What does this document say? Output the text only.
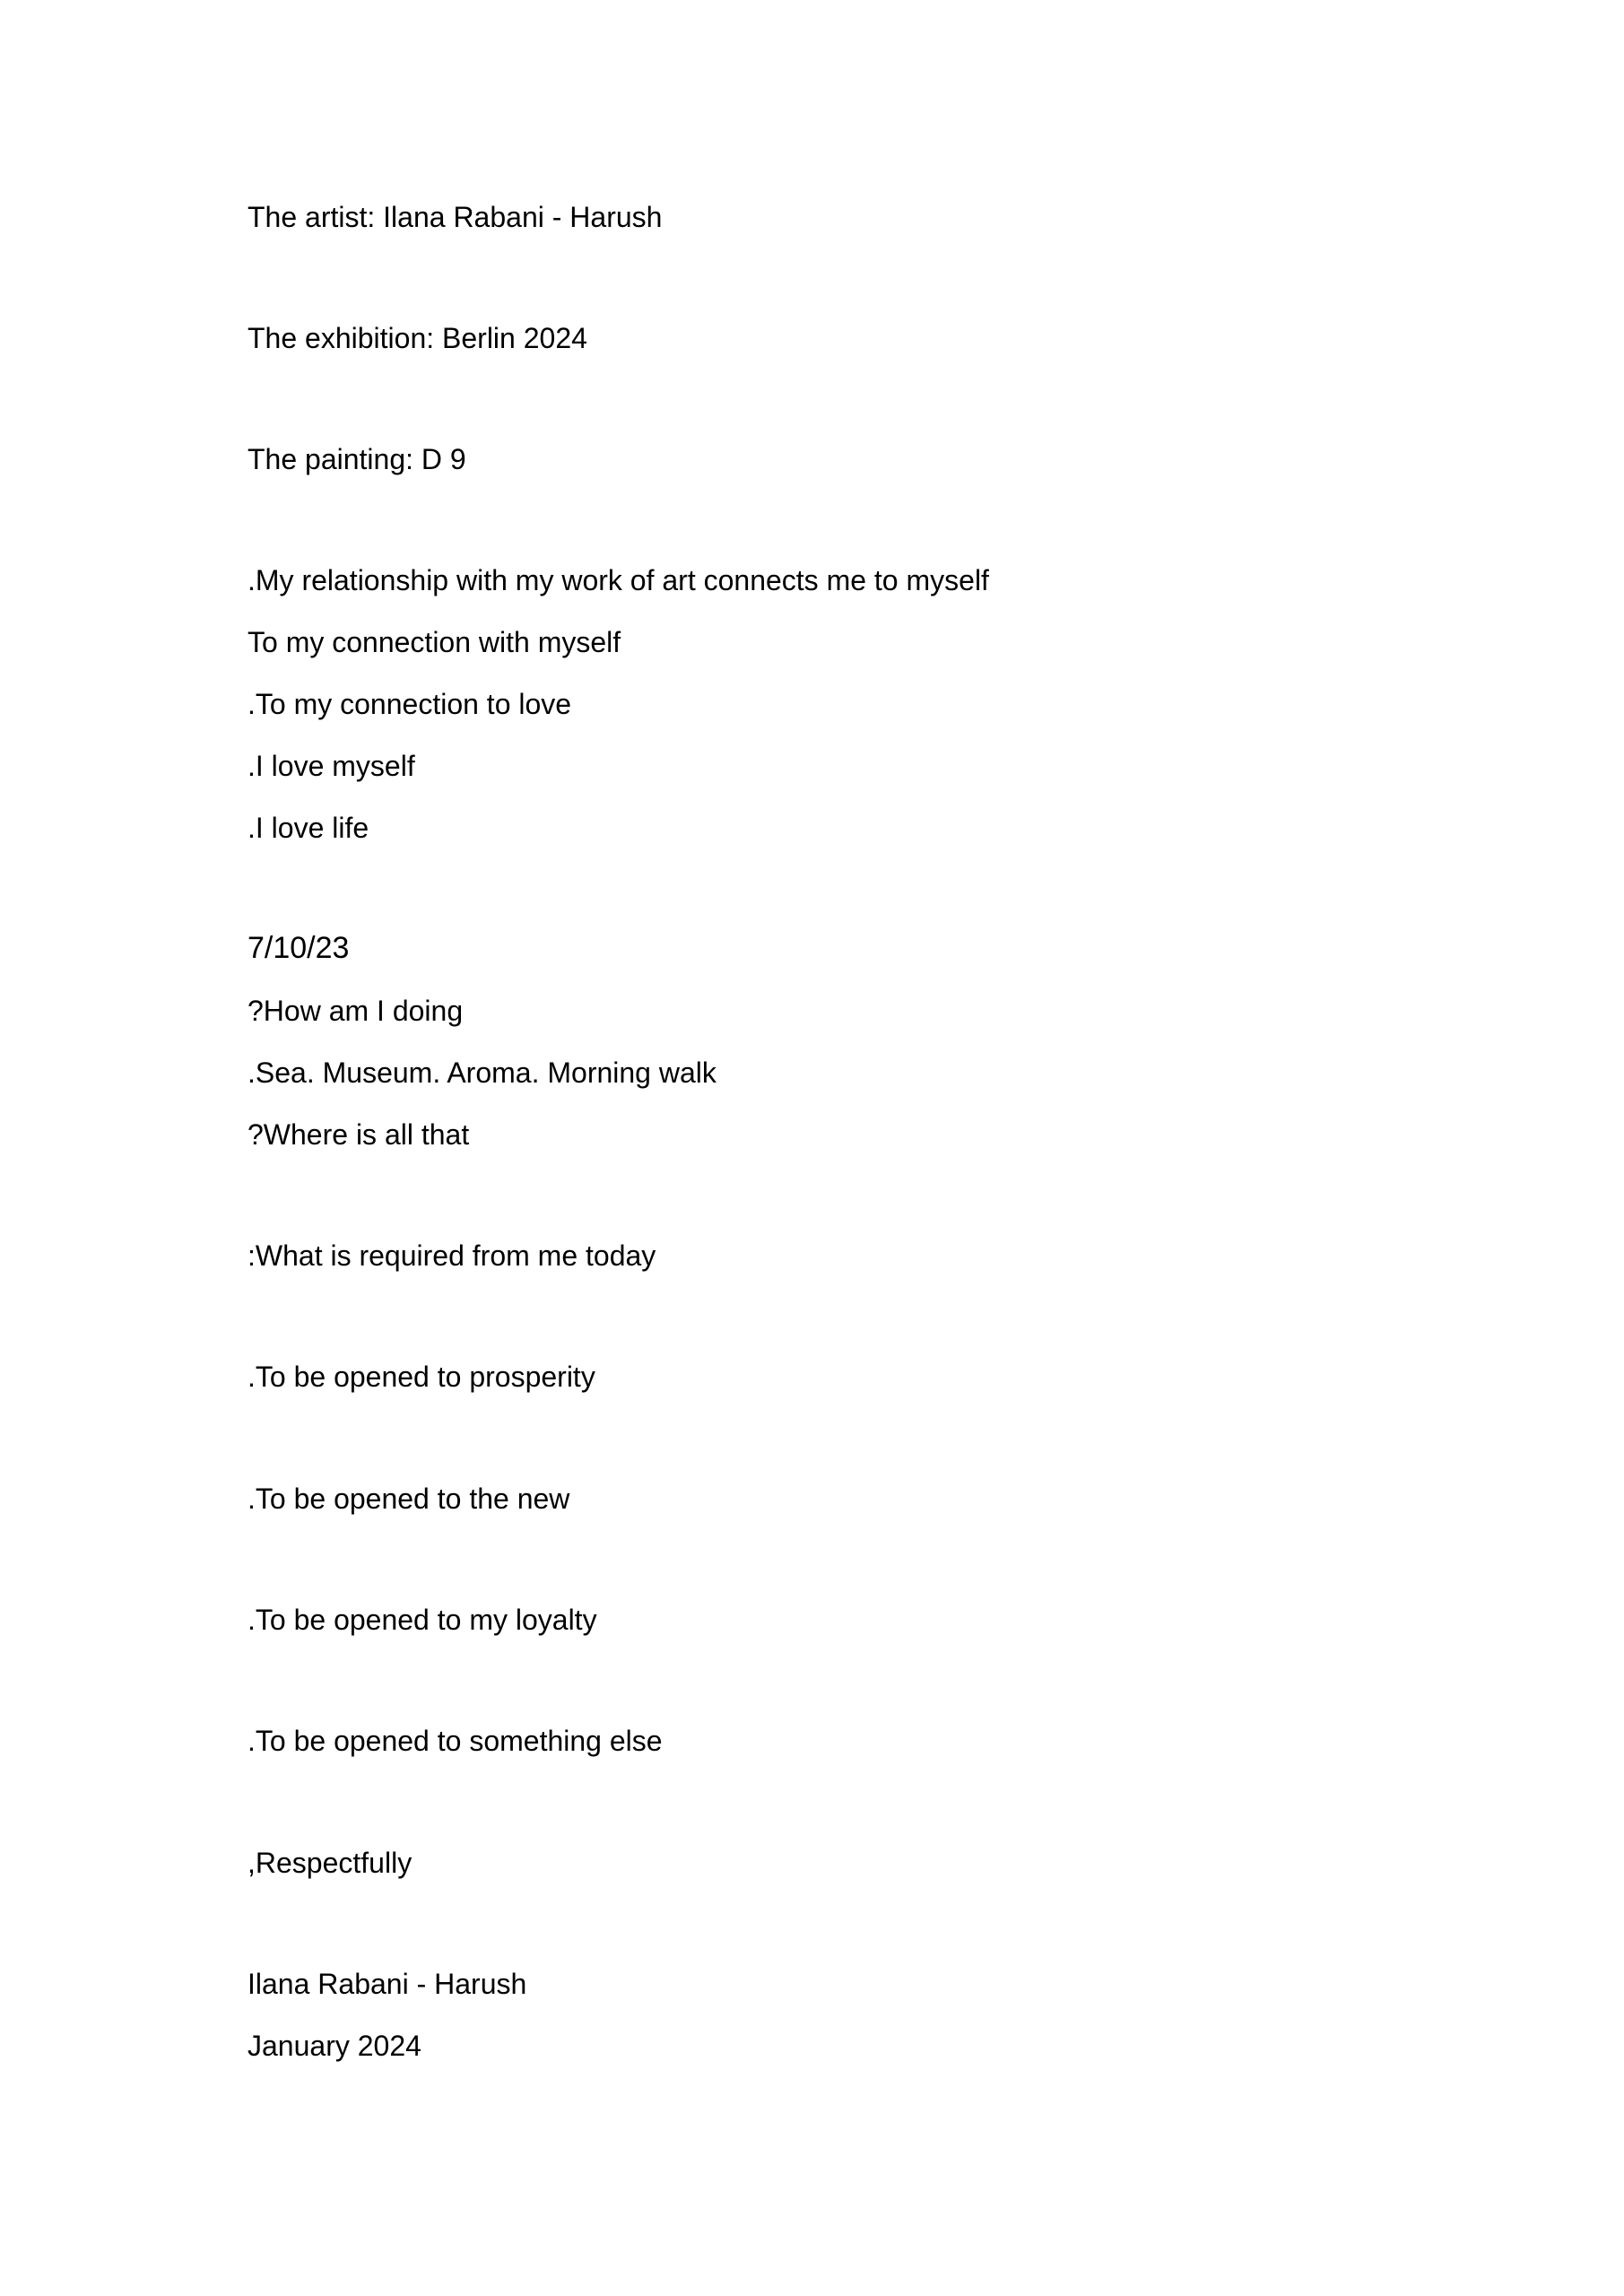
The artist: Ilana Rabani - Harush
The exhibition: Berlin 2024
The painting: D 9
.My relationship with my work of art connects me to myself
To my connection with myself
.To my connection to love
.I love myself
.I love life
7/10/23
?How am I doing
.Sea. Museum. Aroma. Morning walk
?Where is all that
:What is required from me today
.To be opened to prosperity
.To be opened to the new
.To be opened to my loyalty
.To be opened to something else
,Respectfully
Ilana Rabani - Harush
January 2024
